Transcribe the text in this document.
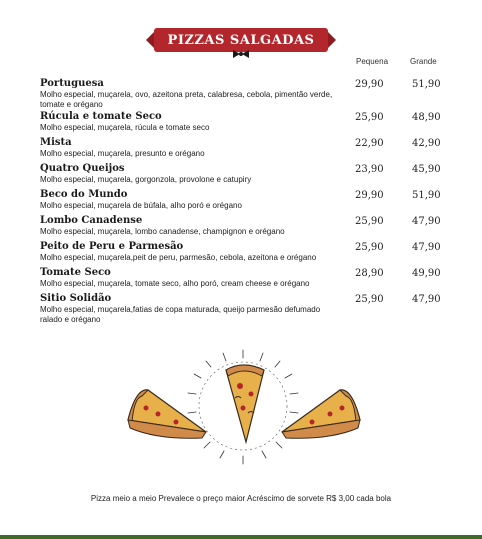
PIZZAS SALGADAS
Pequena	Grande
Portuguesa
Molho especial, muçarela, ovo, azeitona preta, calabresa, cebola, pimentão verde, tomate e orégano
29,90	51,90
Rúcula e tomate Seco
Molho especial, muçarela, rúcula e tomate seco
25,90	48,90
Mista
Molho especial, muçarela, presunto e orégano
22,90	42,90
Quatro Queijos
Molho especial, muçarela, gorgonzola, provolone e catupiry
23,90	45,90
Beco do Mundo
Molho especial, muçarela de búfala, alho poró e orégano
29,90	51,90
Lombo Canadense
Molho especial, muçarela, lombo canadense, champignon e orégano
25,90	47,90
Peito de Peru e Parmesão
Molho especial, muçarela,peit de peru, parmesão, cebola, azeitona e orégano
25,90	47,90
Tomate Seco
Molho especial, muçarela, tomate seco, alho poró, cream cheese e orégano
28,90	49,90
Sitio Solidão
Molho especial, muçarela,fatias de copa maturada, queijo parmesão defumado ralado e orégano
25,90	47,90
Pizza meio a meio Prevalece o preço maior Acréscimo de sorvete R$ 3,00 cada bola
